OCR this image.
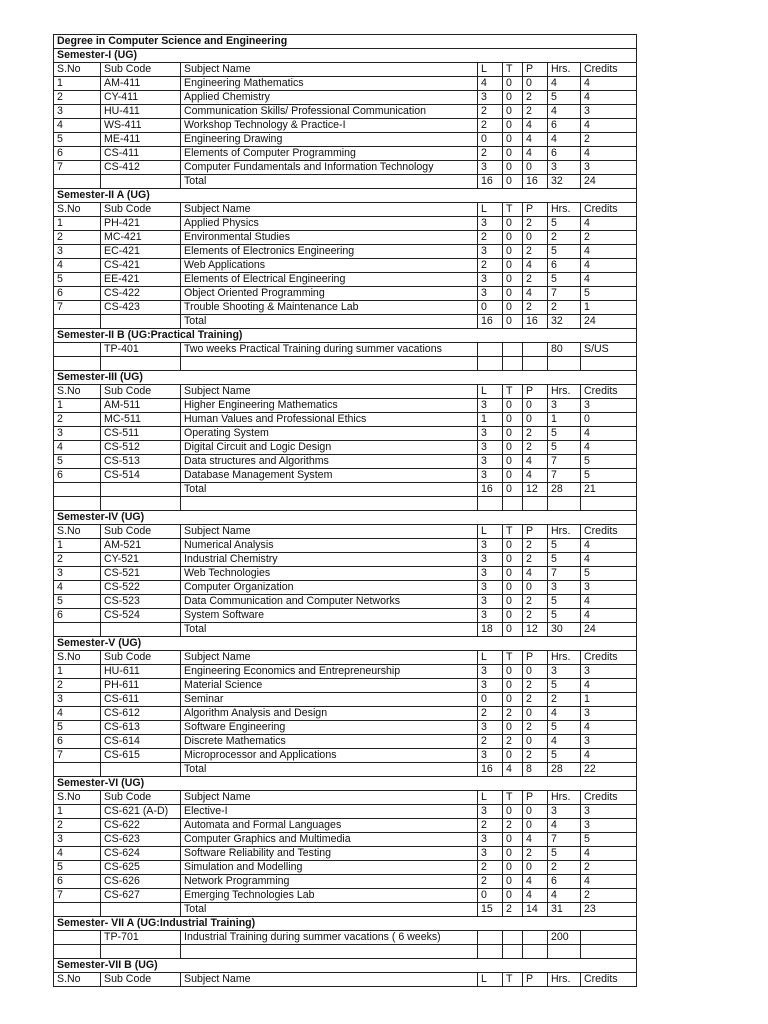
Degree in Computer Science and Engineering							
Semester-I (UG)							
S.No	Sub Code	Subject Name	L	T	P	Hrs.	Credits
1	AM-411	Engineering Mathematics	4	0	0	4	4
2	CY-411	Applied Chemistry	3	0	2	5	4
3	HU-411	Communication Skills/ Professional Communication	2	0	2	4	3
4	WS-411	Workshop Technology & Practice-I	2	0	4	6	4
5	ME-411	Engineering Drawing	0	0	4	4	2
6	CS-411	Elements of Computer Programming	2	0	4	6	4
7	CS-412	Computer Fundamentals and Information Technology	3	0	0	3	3
		Total	16	0	16	32	24
Semester-II A (UG)							
S.No	Sub Code	Subject Name	L	T	P	Hrs.	Credits
1	PH-421	Applied Physics	3	0	2	5	4
2	MC-421	Environmental Studies	2	0	0	2	2
3	EC-421	Elements of Electronics Engineering	3	0	2	5	4
4	CS-421	Web Applications	2	0	4	6	4
5	EE-421	Elements of Electrical Engineering	3	0	2	5	4
6	CS-422	Object Oriented Programming	3	0	4	7	5
7	CS-423	Trouble Shooting & Maintenance Lab	0	0	2	2	1
		Total	16	0	16	32	24
Semester-II B (UG:Practical Training)							
	TP-401	Two weeks Practical Training during summer vacations				80	S/US

Semester-III (UG)							
S.No	Sub Code	Subject Name	L	T	P	Hrs.	Credits
1	AM-511	Higher Engineering Mathematics	3	0	0	3	3
2	MC-511	Human Values and Professional Ethics	1	0	0	1	0
3	CS-511	Operating System	3	0	2	5	4
4	CS-512	Digital Circuit and Logic Design	3	0	2	5	4
5	CS-513	Data structures and Algorithms	3	0	4	7	5
6	CS-514	Database Management System	3	0	4	7	5
		Total	16	0	12	28	21

Semester-IV (UG)							
S.No	Sub Code	Subject Name	L	T	P	Hrs.	Credits
1	AM-521	Numerical Analysis	3	0	2	5	4
2	CY-521	Industrial Chemistry	3	0	2	5	4
3	CS-521	Web Technologies	3	0	4	7	5
4	CS-522	Computer Organization	3	0	0	3	3
5	CS-523	Data Communication and Computer Networks	3	0	2	5	4
6	CS-524	System Software	3	0	2	5	4
		Total	18	0	12	30	24
Semester-V (UG)							
S.No	Sub Code	Subject Name	L	T	P	Hrs.	Credits
1	HU-611	Engineering Economics and Entrepreneurship	3	0	0	3	3
2	PH-611	Material Science	3	0	2	5	4
3	CS-611	Seminar	0	0	2	2	1
4	CS-612	Algorithm Analysis and Design	2	2	0	4	3
5	CS-613	Software Engineering	3	0	2	5	4
6	CS-614	Discrete Mathematics	2	2	0	4	3
7	CS-615	Microprocessor and Applications	3	0	2	5	4
		Total	16	4	8	28	22
Semester-VI (UG)							
S.No	Sub Code	Subject Name	L	T	P	Hrs.	Credits
1	CS-621 (A-D)	Elective-I	3	0	0	3	3
2	CS-622	Automata and Formal Languages	2	2	0	4	3
3	CS-623	Computer Graphics and Multimedia	3	0	4	7	5
4	CS-624	Software Reliability and Testing	3	0	2	5	4
5	CS-625	Simulation and Modelling	2	0	0	2	2
6	CS-626	Network Programming	2	0	4	6	4
7	CS-627	Emerging Technologies Lab	0	0	4	4	2
		Total	15	2	14	31	23
Semester- VII A (UG:Industrial Training)							
	TP-701	Industrial Training during summer vacations ( 6 weeks)				200	

Semester-VII B (UG)							
S.No	Sub Code	Subject Name	L	T	P	Hrs.	Credits
